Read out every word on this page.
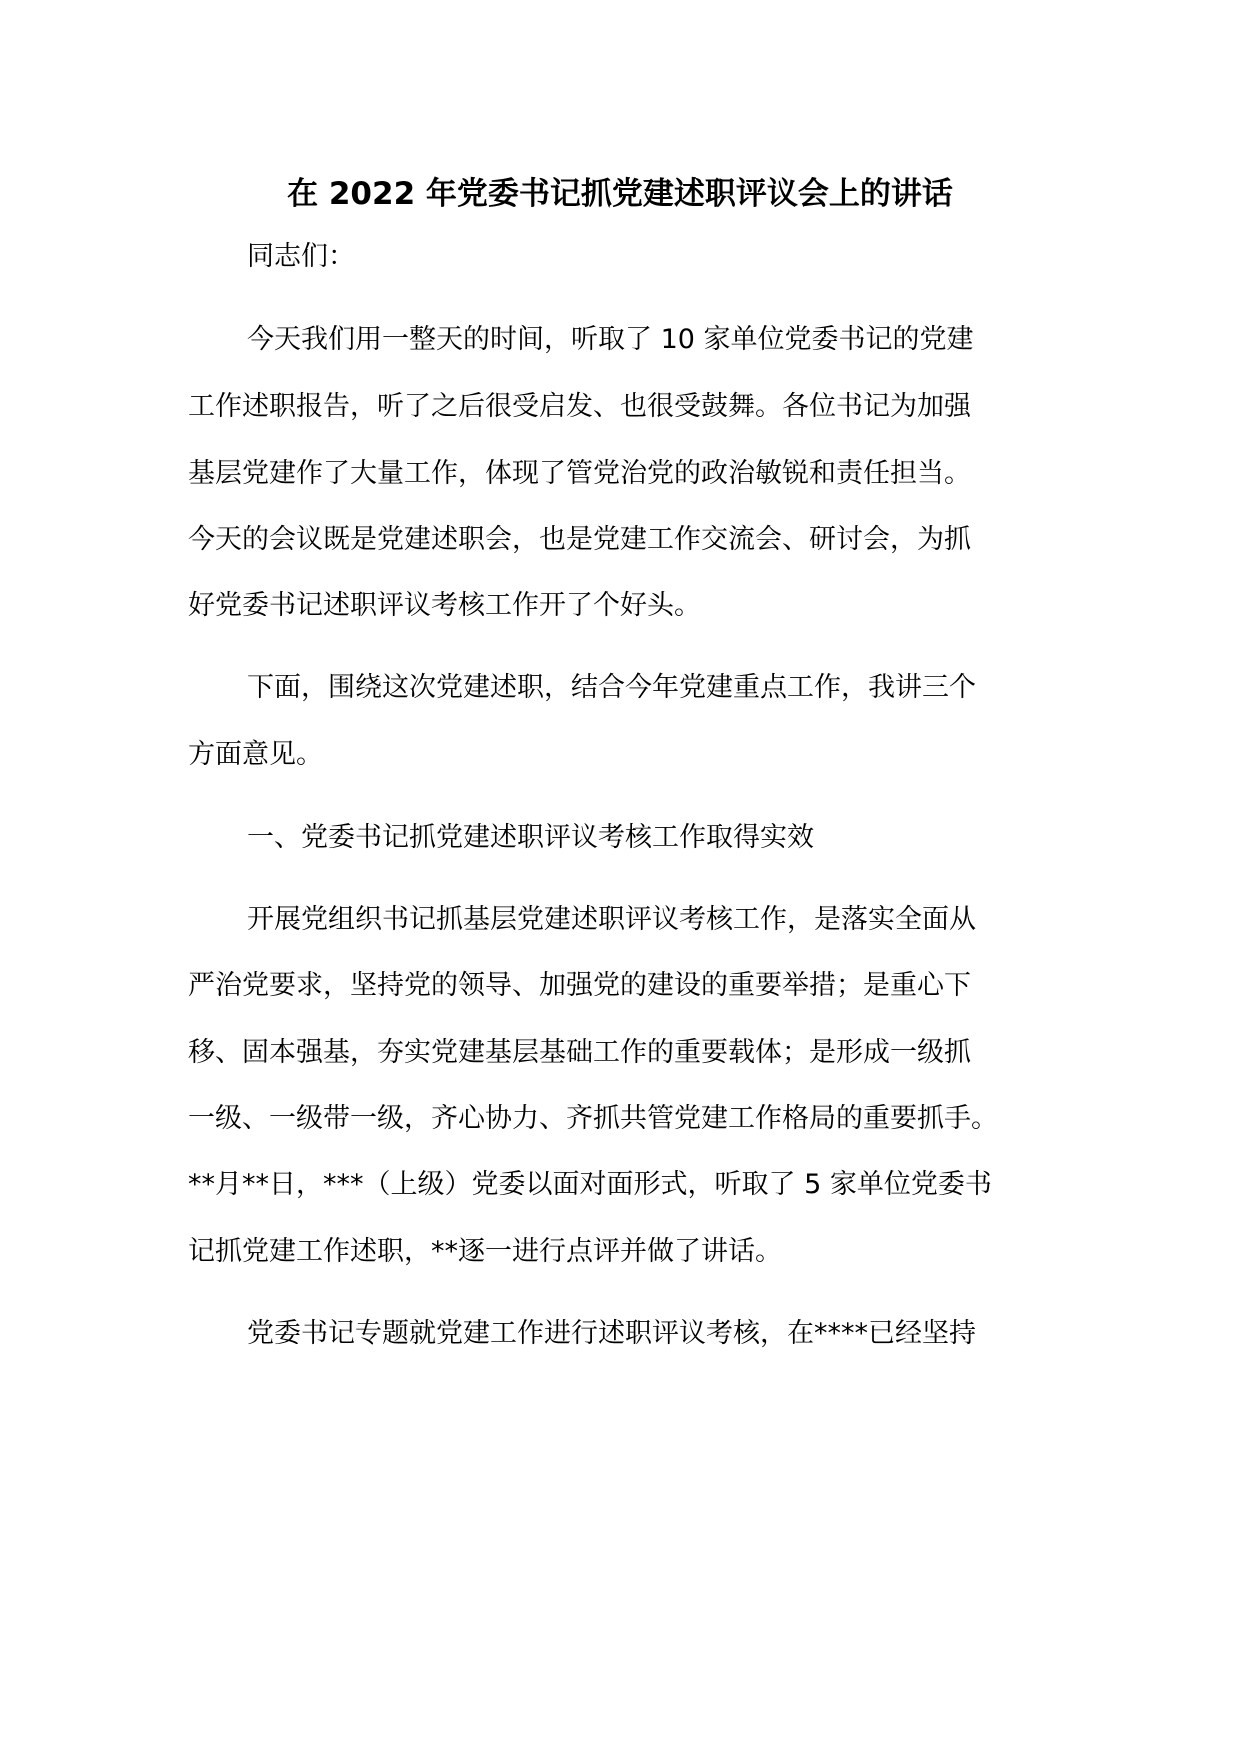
在 2022 年党委书记抓党建述职评议会上的讲话
同志们：
今天我们用一整天的时间，听取了 10 家单位党委书记的党建
工作述职报告，听了之后很受启发、也很受鼓舞。各位书记为加强
基层党建作了大量工作，体现了管党治党的政治敏锐和责任担当。
今天的会议既是党建述职会，也是党建工作交流会、研讨会，为抓
好党委书记述职评议考核工作开了个好头。
下面，围绕这次党建述职，结合今年党建重点工作，我讲三个
方面意见。
一、党委书记抓党建述职评议考核工作取得实效
开展党组织书记抓基层党建述职评议考核工作，是落实全面从
严治党要求，坚持党的领导、加强党的建设的重要举措；是重心下
移、固本强基，夯实党建基层基础工作的重要载体；是形成一级抓
一级、一级带一级，齐心协力、齐抓共管党建工作格局的重要抓手。
**月**日，***（上级）党委以面对面形式，听取了 5 家单位党委书
记抓党建工作述职，**逐一进行点评并做了讲话。
党委书记专题就党建工作进行述职评议考核，在****已经坚持
